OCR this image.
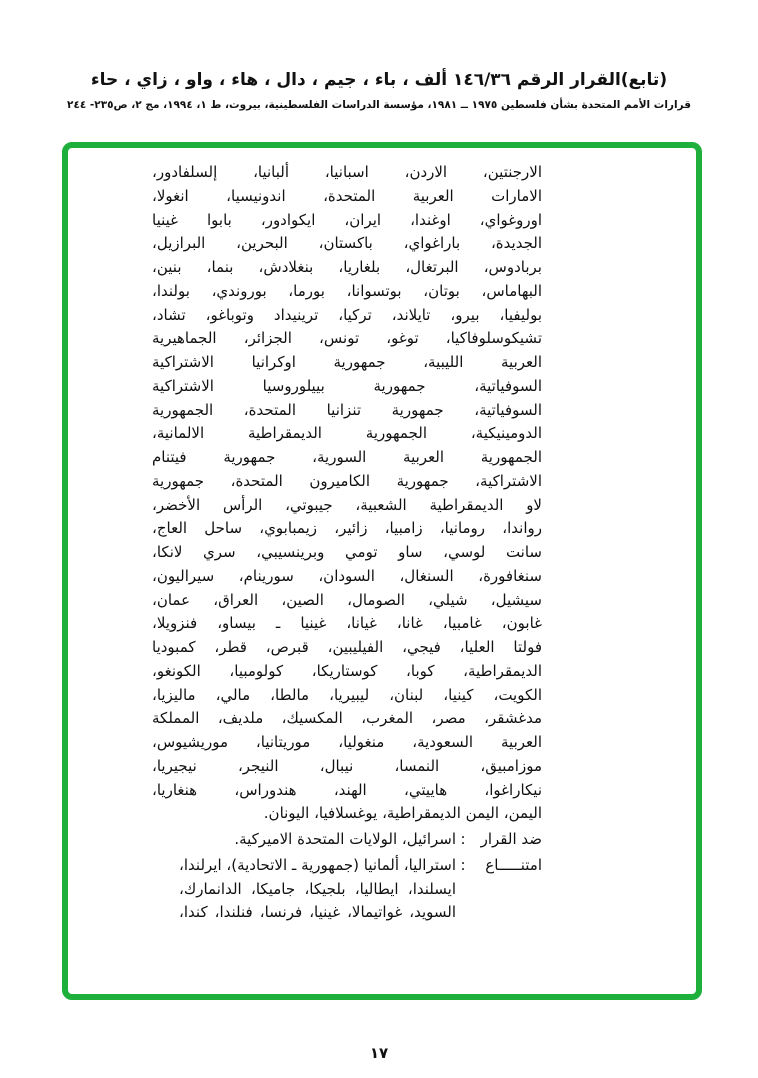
(تابع)القرار الرقم ١٤٦/٣٦ ألف ، باء ، جيم ، دال ، هاء ، واو ، زاي ، حاء
قرارات الأمم المتحدة بشأن فلسطين ١٩٧٥ ــ ١٩٨١، مؤسسة الدراسات الفلسطينية، بيروت، ط ١، ١٩٩٤، مج ٢، ص٢٣٥- ٢٤٤
الارجنتين، الاردن، اسبانيا، ألبانيا، إلسلفادور،
الامارات العربية المتحدة، اندونيسيا، انغولا،
اوروغواي، اوغندا، ايران، ايكوادور، بابوا غينيا
الجديدة، باراغواي، باكستان، البحرين، البرازيل،
بربادوس، البرتغال، بلغاريا، بنغلادش، بنما، بنين،
البهاماس، بوتان، بوتسوانا، بورما، بوروندي، بولندا،
بوليفيا، بيرو، تايلاند، تركيا، ترينيداد وتوباغو، تشاد،
تشيكوسلوفاكيا، توغو، تونس، الجزائر، الجماهيرية
العربية الليبية، جمهورية اوكرانيا الاشتراكية
السوفياتية، جمهورية بييلوروسيا الاشتراكية
السوفياتية، جمهورية تنزانيا المتحدة، الجمهورية
الدومينيكية، الجمهورية الديمقراطية الالمانية،
الجمهورية العربية السورية، جمهورية فيتنام
الاشتراكية، جمهورية الكاميرون المتحدة، جمهورية
لاو الديمقراطية الشعبية، جيبوتي، الرأس الأخضر،
رواندا، رومانيا، زامبيا، زائير، زيمبابوي، ساحل العاج،
سانت لوسي، ساو تومي وبرينسيبي، سري لانكا،
سنغافورة، السنغال، السودان، سورينام، سيراليون،
سيشيل، شيلي، الصومال، الصين، العراق، عمان،
غابون، غامبيا، غانا، غيانا، غينيا ـ بيساو، فنزويلا،
فولتا العليا، فيجي، الفيليبين، قبرص، قطر، كمبوديا
الديمقراطية، كوبا، كوستاريكا، كولومبيا، الكونغو،
الكويت، كينيا، لبنان، ليبيريا، مالطا، مالي، ماليزيا،
مدغشقر، مصر، المغرب، المكسيك، ملديف، المملكة
العربية السعودية، منغوليا، موريتانيا، موريشيوس،
موزامبيق، النمسا، نيبال، النيجر، نيجيريا،
نيكاراغوا، هاييتي، الهند، هندوراس، هنغاريا،
اليمن، اليمن الديمقراطية، يوغسلافيا، اليونان.
ضد القرار
:
اسرائيل، الولايات المتحدة الاميركية.
امتنـــــاع
:
استراليا، ألمانيا (جمهورية ـ الاتحادية)، ايرلندا،
ايسلندا، ايطاليا، بلجيكا، جاميكا، الدانمارك،
السويد، غواتيمالا، غينيا، فرنسا، فنلندا، كندا،
١٧
